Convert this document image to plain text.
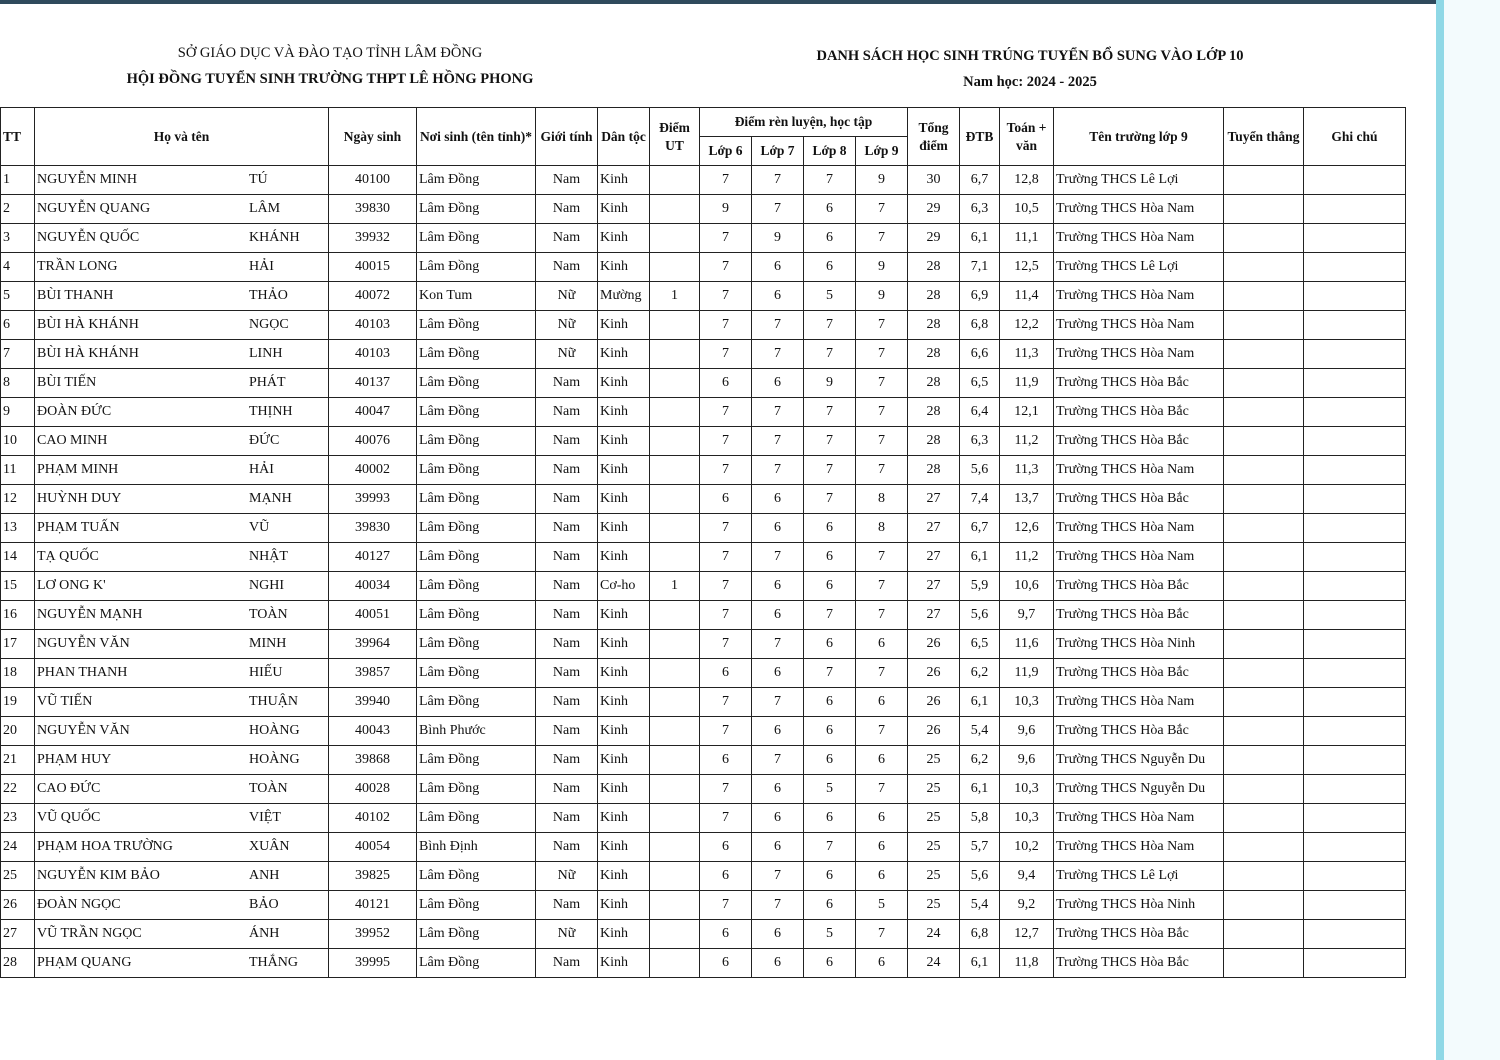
SỞ GIÁO DỤC VÀ ĐÀO TẠO TỈNH LÂM ĐỒNG
HỘI ĐỒNG TUYỂN SINH TRƯỜNG THPT LÊ HỒNG PHONG
DANH SÁCH HỌC SINH TRÚNG TUYỂN BỔ SUNG VÀO LỚP 10
Nam học: 2024 - 2025
TT	Họ và tên	Ngày sinh	Nơi sinh (tên tỉnh)*	Giới tính	Dân tộc	Điểm UT	Điểm rèn luyện, học tập				Tổng điểm	ĐTB	Toán + văn	Tên trường lớp 9	Tuyển thẳng	Ghi chú
							Lớp 6	Lớp 7	Lớp 8	Lớp 9						
1	NGUYỄN MINH TÚ	40100	Lâm Đồng	Nam	Kinh		7	7	7	9	30	6,7	12,8	Trường THCS Lê Lợi		
2	NGUYỄN QUANG LÂM	39830	Lâm Đồng	Nam	Kinh		9	7	6	7	29	6,3	10,5	Trường THCS Hòa Nam		
3	NGUYỄN QUỐC KHÁNH	39932	Lâm Đồng	Nam	Kinh		7	9	6	7	29	6,1	11,1	Trường THCS Hòa Nam		
4	TRẦN LONG HẢI	40015	Lâm Đồng	Nam	Kinh		7	6	6	9	28	7,1	12,5	Trường THCS Lê Lợi		
5	BÙI THANH THẢO	40072	Kon Tum	Nữ	Mường	1	7	6	5	9	28	6,9	11,4	Trường THCS Hòa Nam		
6	BÙI HÀ KHÁNH NGỌC	40103	Lâm Đồng	Nữ	Kinh		7	7	7	7	28	6,8	12,2	Trường THCS Hòa Nam		
7	BÙI HÀ KHÁNH LINH	40103	Lâm Đồng	Nữ	Kinh		7	7	7	7	28	6,6	11,3	Trường THCS Hòa Nam		
8	BÙI TIẾN PHÁT	40137	Lâm Đồng	Nam	Kinh		6	6	9	7	28	6,5	11,9	Trường THCS Hòa Bắc		
9	ĐOÀN ĐỨC THỊNH	40047	Lâm Đồng	Nam	Kinh		7	7	7	7	28	6,4	12,1	Trường THCS Hòa Bắc		
10	CAO MINH ĐỨC	40076	Lâm Đồng	Nam	Kinh		7	7	7	7	28	6,3	11,2	Trường THCS Hòa Bắc		
11	PHẠM MINH HẢI	40002	Lâm Đồng	Nam	Kinh		7	7	7	7	28	5,6	11,3	Trường THCS Hòa Nam		
12	HUỲNH DUY MẠNH	39993	Lâm Đồng	Nam	Kinh		6	6	7	8	27	7,4	13,7	Trường THCS Hòa Bắc		
13	PHẠM TUẤN VŨ	39830	Lâm Đồng	Nam	Kinh		7	6	6	8	27	6,7	12,6	Trường THCS Hòa Nam		
14	TẠ QUỐC NHẬT	40127	Lâm Đồng	Nam	Kinh		7	7	6	7	27	6,1	11,2	Trường THCS Hòa Nam		
15	LƠ ONG K' NGHI	40034	Lâm Đồng	Nam	Cơ-ho	1	7	6	6	7	27	5,9	10,6	Trường THCS Hòa Bắc		
16	NGUYỄN MẠNH TOÀN	40051	Lâm Đồng	Nam	Kinh		7	6	7	7	27	5,6	9,7	Trường THCS Hòa Bắc		
17	NGUYỄN VĂN MINH	39964	Lâm Đồng	Nam	Kinh		7	7	6	6	26	6,5	11,6	Trường THCS Hòa Ninh		
18	PHAN THANH HIẾU	39857	Lâm Đồng	Nam	Kinh		6	6	7	7	26	6,2	11,9	Trường THCS Hòa Bắc		
19	VŨ TIẾN THUẬN	39940	Lâm Đồng	Nam	Kinh		7	7	6	6	26	6,1	10,3	Trường THCS Hòa Nam		
20	NGUYỄN VĂN HOÀNG	40043	Bình Phước	Nam	Kinh		7	6	6	7	26	5,4	9,6	Trường THCS Hòa Bắc		
21	PHẠM HUY HOÀNG	39868	Lâm Đồng	Nam	Kinh		6	7	6	6	25	6,2	9,6	Trường THCS Nguyễn Du		
22	CAO ĐỨC TOÀN	40028	Lâm Đồng	Nam	Kinh		7	6	5	7	25	6,1	10,3	Trường THCS Nguyễn Du		
23	VŨ QUỐC VIỆT	40102	Lâm Đồng	Nam	Kinh		7	6	6	6	25	5,8	10,3	Trường THCS Hòa Nam		
24	PHẠM HOA TRƯỜNG XUÂN	40054	Bình Định	Nam	Kinh		6	6	7	6	25	5,7	10,2	Trường THCS Hòa Nam		
25	NGUYỄN KIM BẢO ANH	39825	Lâm Đồng	Nữ	Kinh		6	7	6	6	25	5,6	9,4	Trường THCS Lê Lợi		
26	ĐOÀN NGỌC BẢO	40121	Lâm Đồng	Nam	Kinh		7	7	6	5	25	5,4	9,2	Trường THCS Hòa Ninh		
27	VŨ TRẦN NGỌC ÁNH	39952	Lâm Đồng	Nữ	Kinh		6	6	5	7	24	6,8	12,7	Trường THCS Hòa Bắc		
28	PHẠM QUANG THẮNG	39995	Lâm Đồng	Nam	Kinh		6	6	6	6	24	6,1	11,8	Trường THCS Hòa Bắc		
